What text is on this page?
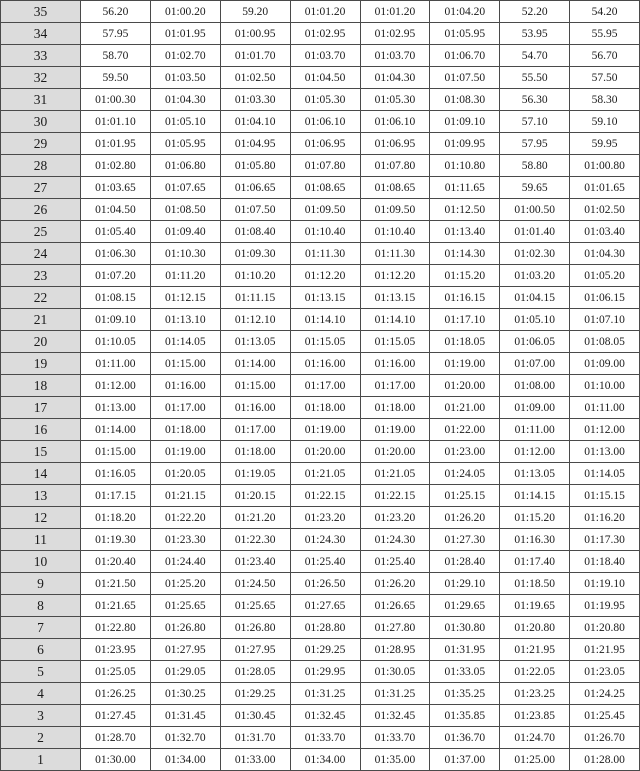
35	56.20	01:00.20	59.20	01:01.20	01:01.20	01:04.20	52.20	54.20
34	57.95	01:01.95	01:00.95	01:02.95	01:02.95	01:05.95	53.95	55.95
33	58.70	01:02.70	01:01.70	01:03.70	01:03.70	01:06.70	54.70	56.70
32	59.50	01:03.50	01:02.50	01:04.50	01:04.30	01:07.50	55.50	57.50
31	01:00.30	01:04.30	01:03.30	01:05.30	01:05.30	01:08.30	56.30	58.30
30	01:01.10	01:05.10	01:04.10	01:06.10	01:06.10	01:09.10	57.10	59.10
29	01:01.95	01:05.95	01:04.95	01:06.95	01:06.95	01:09.95	57.95	59.95
28	01:02.80	01:06.80	01:05.80	01:07.80	01:07.80	01:10.80	58.80	01:00.80
27	01:03.65	01:07.65	01:06.65	01:08.65	01:08.65	01:11.65	59.65	01:01.65
26	01:04.50	01:08.50	01:07.50	01:09.50	01:09.50	01:12.50	01:00.50	01:02.50
25	01:05.40	01:09.40	01:08.40	01:10.40	01:10.40	01:13.40	01:01.40	01:03.40
24	01:06.30	01:10.30	01:09.30	01:11.30	01:11.30	01:14.30	01:02.30	01:04.30
23	01:07.20	01:11.20	01:10.20	01:12.20	01:12.20	01:15.20	01:03.20	01:05.20
22	01:08.15	01:12.15	01:11.15	01:13.15	01:13.15	01:16.15	01:04.15	01:06.15
21	01:09.10	01:13.10	01:12.10	01:14.10	01:14.10	01:17.10	01:05.10	01:07.10
20	01:10.05	01:14.05	01:13.05	01:15.05	01:15.05	01:18.05	01:06.05	01:08.05
19	01:11.00	01:15.00	01:14.00	01:16.00	01:16.00	01:19.00	01:07.00	01:09.00
18	01:12.00	01:16.00	01:15.00	01:17.00	01:17.00	01:20.00	01:08.00	01:10.00
17	01:13.00	01:17.00	01:16.00	01:18.00	01:18.00	01:21.00	01:09.00	01:11.00
16	01:14.00	01:18.00	01:17.00	01:19.00	01:19.00	01:22.00	01:11.00	01:12.00
15	01:15.00	01:19.00	01:18.00	01:20.00	01:20.00	01:23.00	01:12.00	01:13.00
14	01:16.05	01:20.05	01:19.05	01:21.05	01:21.05	01:24.05	01:13.05	01:14.05
13	01:17.15	01:21.15	01:20.15	01:22.15	01:22.15	01:25.15	01:14.15	01:15.15
12	01:18.20	01:22.20	01:21.20	01:23.20	01:23.20	01:26.20	01:15.20	01:16.20
11	01:19.30	01:23.30	01:22.30	01:24.30	01:24.30	01:27.30	01:16.30	01:17.30
10	01:20.40	01:24.40	01:23.40	01:25.40	01:25.40	01:28.40	01:17.40	01:18.40
9	01:21.50	01:25.20	01:24.50	01:26.50	01:26.20	01:29.10	01:18.50	01:19.10
8	01:21.65	01:25.65	01:25.65	01:27.65	01:26.65	01:29.65	01:19.65	01:19.95
7	01:22.80	01:26.80	01:26.80	01:28.80	01:27.80	01:30.80	01:20.80	01:20.80
6	01:23.95	01:27.95	01:27.95	01:29.25	01:28.95	01:31.95	01:21.95	01:21.95
5	01:25.05	01:29.05	01:28.05	01:29.95	01:30.05	01:33.05	01:22.05	01:23.05
4	01:26.25	01:30.25	01:29.25	01:31.25	01:31.25	01:35.25	01:23.25	01:24.25
3	01:27.45	01:31.45	01:30.45	01:32.45	01:32.45	01:35.85	01:23.85	01:25.45
2	01:28.70	01:32.70	01:31.70	01:33.70	01:33.70	01:36.70	01:24.70	01:26.70
1	01:30.00	01:34.00	01:33.00	01:34.00	01:35.00	01:37.00	01:25.00	01:28.00
